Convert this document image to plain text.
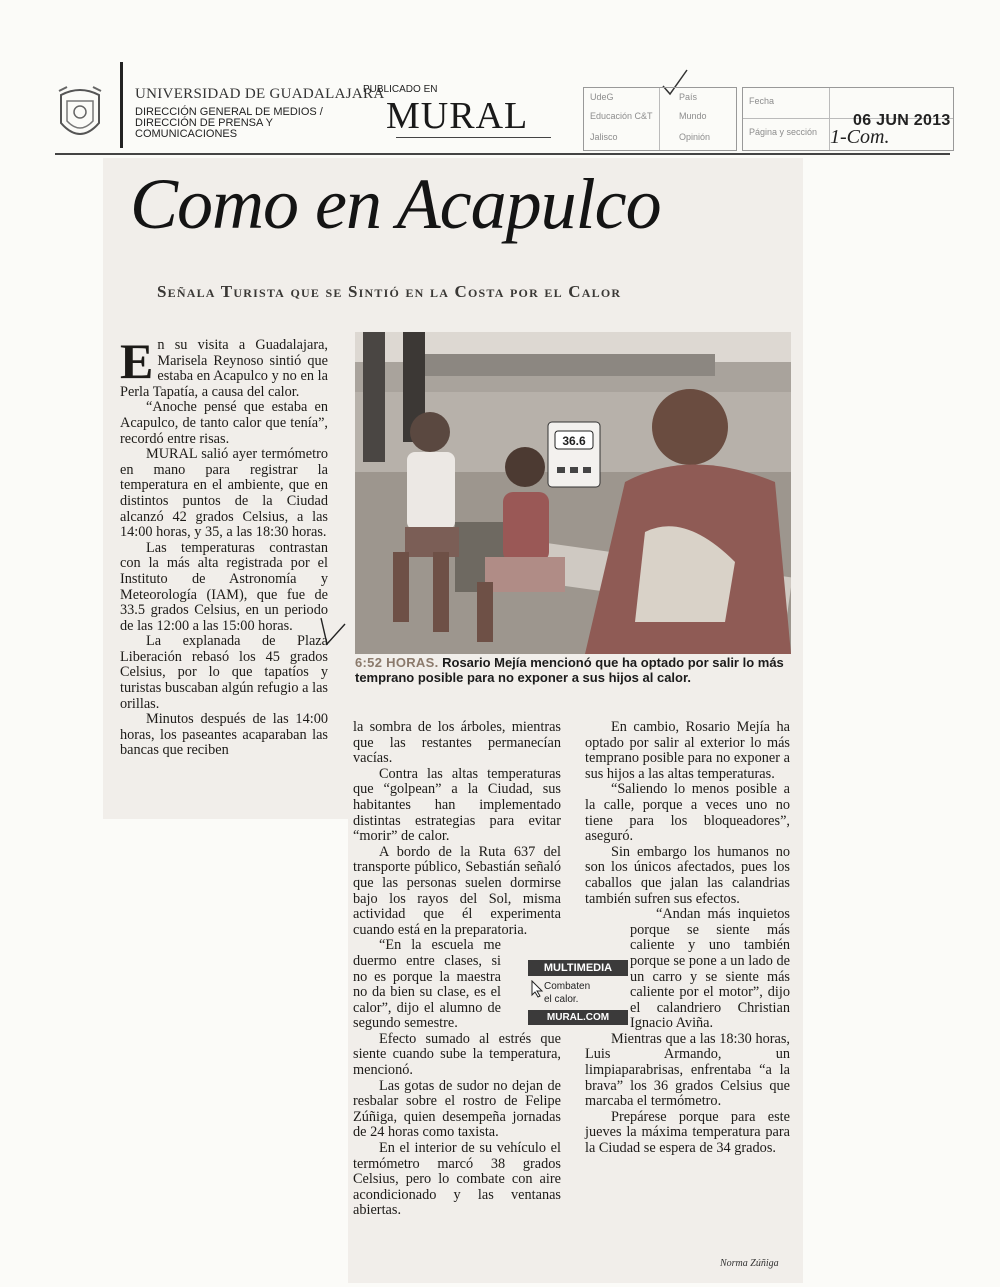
UNIVERSIDAD DE GUADALAJARA
DIRECCIÓN GENERAL DE MEDIOS /
DIRECCIÓN DE PRENSA Y
COMUNICACIONES
PUBLICADO EN
MURAL	UdeG
Educación C&T
Jalisco
País
Mundo
Opinión
Fecha
Página y sección
06 JUN 2013
1-Com.
Como en Acapulco
Señala Turista que se Sintió en la Costa por el Calor

En su visita a Guadalajara, Marisela Reynoso sintió que estaba en Acapulco y no en la Perla Tapatía, a causa del calor.

“Anoche pensé que estaba en Acapulco, de tanto calor que tenía”, recordó entre risas.

MURAL salió ayer termómetro en mano para registrar la temperatura en el ambiente, que en distintos puntos de la Ciudad alcanzó 42 grados Celsius, a las 14:00 horas, y 35, a las 18:30 horas.

Las temperaturas contrastan con la más alta registrada por el Instituto de Astronomía y Meteorología (IAM), que fue de 33.5 grados Celsius, en un periodo de las 12:00 a las 15:00 horas.

La explanada de Plaza Liberación rebasó los 45 grados Celsius, por lo que tapatíos y turistas buscaban algún refugio a las orillas.

Minutos después de las 14:00 horas, los paseantes acaparaban las bancas que reciben

36.6
6:52 HORAS. Rosario Mejía mencionó que ha optado por salir lo más temprano posible para no exponer a sus hijos al calor.

la sombra de los árboles, mientras que las restantes permanecían vacías.

Contra las altas temperaturas que “golpean” a la Ciudad, sus habitantes han implementado distintas estrategias para evitar “morir” de calor.

A bordo de la Ruta 637 del transporte público, Sebastián señaló que las personas suelen dormirse bajo los rayos del Sol, misma actividad que él experimenta cuando está en la preparatoria.

“En la escuela me duermo entre clases, si no es porque la maestra no da bien su clase, es el calor”, dijo el alumno de segundo semestre.

Efecto sumado al estrés que siente cuando sube la temperatura, mencionó.

Las gotas de sudor no dejan de resbalar sobre el rostro de Felipe Zúñiga, quien desempeña jornadas de 24 horas como taxista.

En el interior de su vehículo el termómetro marcó 38 grados Celsius, pero lo combate con aire acondicionado y las ventanas abiertas.

En cambio, Rosario Mejía ha optado por salir al exterior lo más temprano posible para no exponer a sus hijos a las altas temperaturas.

“Saliendo lo menos posible a la calle, porque a veces uno no tiene para los bloqueadores”, aseguró.

Sin embargo los humanos no son los únicos afectados, pues los caballos que jalan las calandrias también sufren sus efectos.

“Andan más inquietos porque se siente más caliente y uno también porque se pone a un lado de un carro y se siente más caliente por el motor”, dijo el calandriero Christian Ignacio Aviña.

Mientras que a las 18:30 horas, Luis Armando, un limpiaparabrisas, enfrentaba “a la brava” los 36 grados Celsius que marcaba el termómetro.

Prepárese porque para este jueves la máxima temperatura para la Ciudad se espera de 34 grados.

MULTIMEDIA
Combaten
el calor.
MURAL.COM
Norma Zúñiga
